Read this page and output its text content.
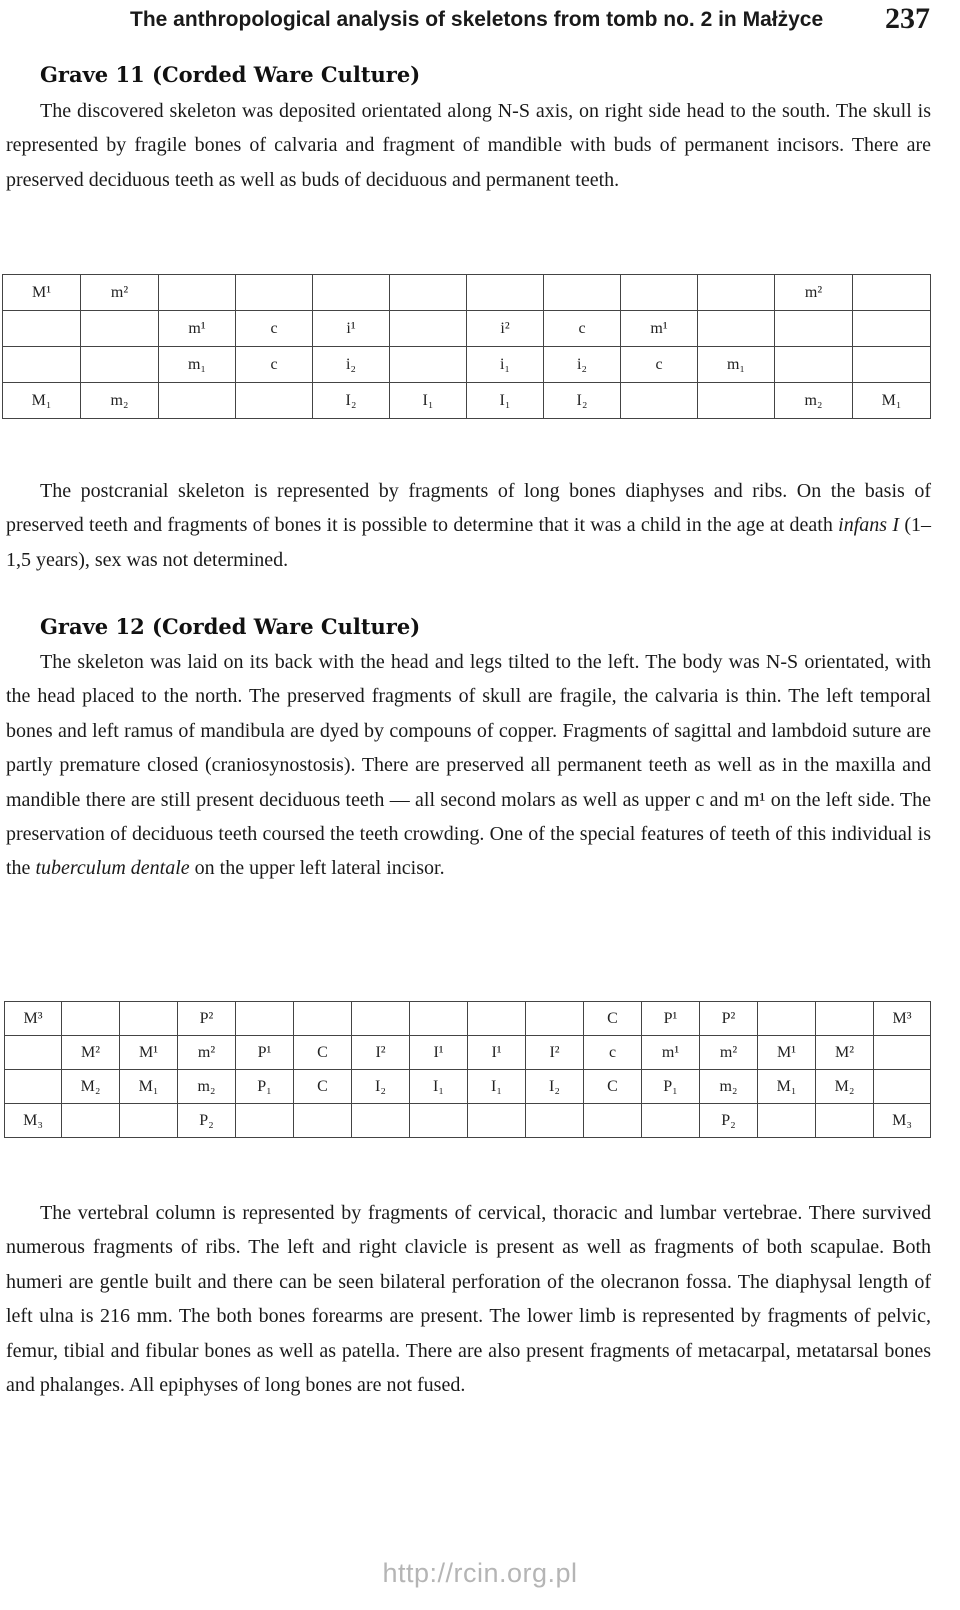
The anthropological analysis of skeletons from tomb no. 2 in Małżyce 237
Grave 11 (Corded Ware Culture)

The discovered skeleton was deposited orientated along N-S axis, on right side head to the south. The skull is represented by fragile bones of calvaria and fragment of mandible with buds of permanent incisors. There are preserved deciduous teeth as well as buds of deciduous and permanent teeth.

M¹	m²									m²	
		m¹	c	i¹		i²	c	m¹			
		m₁	c	i₂		i₁	i₂	c	m₁		
M₁	m₂			I₂	I₁	I₁	I₂			m₂	M₁

The postcranial skeleton is represented by fragments of long bones diaphyses and ribs. On the basis of preserved teeth and fragments of bones it is possible to determine that it was a child in the age at death infans I (1–1,5 years), sex was not determined.

Grave 12 (Corded Ware Culture)

The skeleton was laid on its back with the head and legs tilted to the left. The body was N-S orientated, with the head placed to the north. The preserved fragments of skull are fragile, the calvaria is thin. The left temporal bones and left ramus of mandibula are dyed by compouns of copper. Fragments of sagittal and lambdoid suture are partly premature closed (craniosynostosis). There are preserved all permanent teeth as well as in the maxilla and mandible there are still present deciduous teeth — all second molars as well as upper c and m¹ on the left side. The preservation of deciduous teeth coursed the teeth crowding. One of the special features of teeth of this individual is the tuberculum dentale on the upper left lateral incisor.

M³			P²							C	P¹	P²			M³
	M²	M¹	m²	P¹	C	I²	I¹	I¹	I²	c	m¹	m²	M¹	M²	
	M₂	M₁	m₂	P₁	C	I₂	I₁	I₁	I₂	C	P₁	m₂	M₁	M₂	
M₃			P₂									P₂			M₃

The vertebral column is represented by fragments of cervical, thoracic and lumbar vertebrae. There survived numerous fragments of ribs. The left and right clavicle is present as well as fragments of both scapulae. Both humeri are gentle built and there can be seen bilateral perforation of the olecranon fossa. The diaphysal length of left ulna is 216 mm. The both bones forearms are present. The lower limb is represented by fragments of pelvic, femur, tibial and fibular bones as well as patella. There are also present fragments of metacarpal, metatarsal bones and phalanges. All epiphyses of long bones are not fused.

http://rcin.org.pl
